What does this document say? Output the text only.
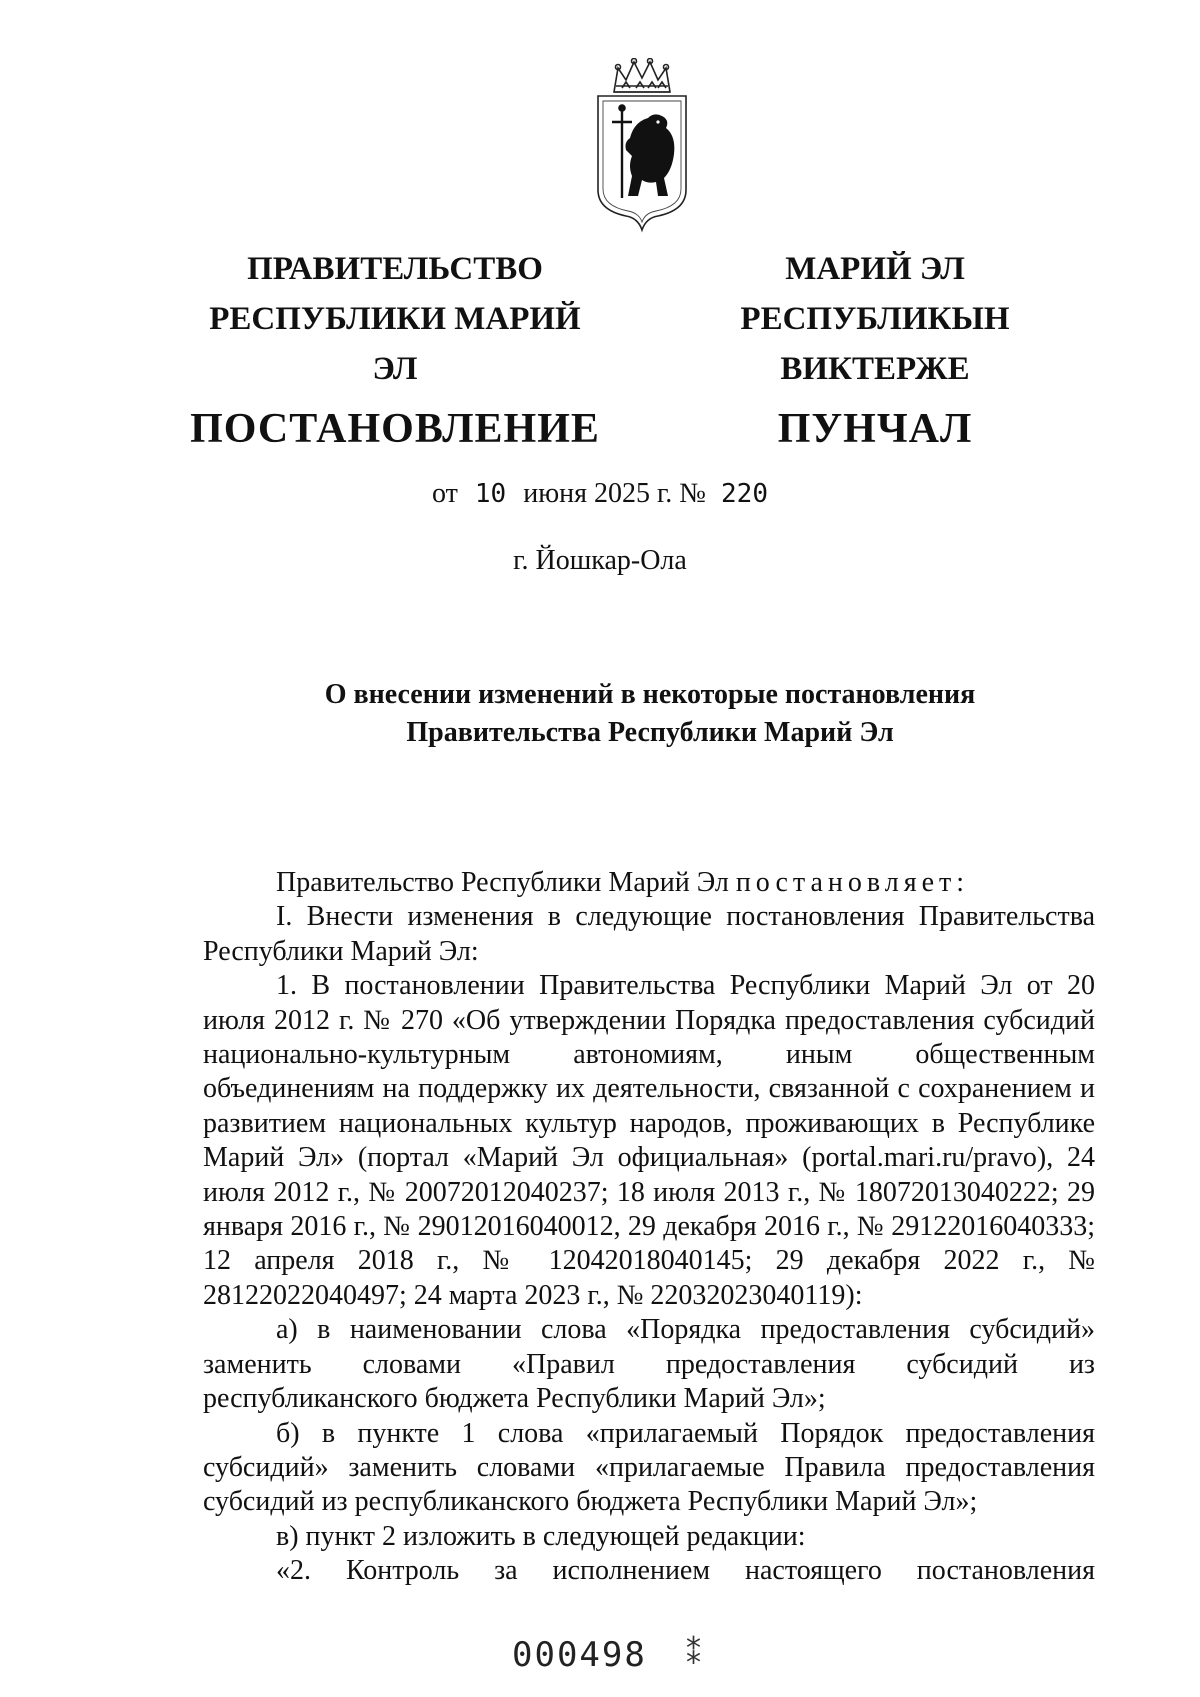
ПРАВИТЕЛЬСТВО
РЕСПУБЛИКИ МАРИЙ ЭЛ
ПОСТАНОВЛЕНИЕ
МАРИЙ ЭЛ РЕСПУБЛИКЫН
ВИКТЕРЖЕ
ПУНЧАЛ
от 10 июня 2025 г. № 220
г. Йошкар-Ола
О внесении изменений в некоторые постановления
Правительства Республики Марий Эл

Правительство Республики Марий Эл постановляет:

I. Внести изменения в следующие постановления Правительства Республики Марий Эл:

1. В постановлении Правительства Республики Марий Эл от 20 июля 2012 г. № 270 «Об утверждении Порядка предоставления субсидий национально-культурным автономиям, иным общественным объединениям на поддержку их деятельности, связанной с сохранением и развитием национальных культур народов, проживающих в Республике Марий Эл» (портал «Марий Эл официальная» (portal.mari.ru/pravo), 24 июля 2012 г., № 20072012040237; 18 июля 2013 г., № 18072013040222; 29 января 2016 г., № 29012016040012, 29 декабря 2016 г., № 29122016040333; 12 апреля 2018 г., № 12042018040145; 29 декабря 2022 г., № 28122022040497; 24 марта 2023 г., № 22032023040119):

а) в наименовании слова «Порядка предоставления субсидий» заменить словами «Правил предоставления субсидий из республиканского бюджета Республики Марий Эл»;

б) в пункте 1 слова «прилагаемый Порядок предоставления субсидий» заменить словами «прилагаемые Правила предоставления субсидий из республиканского бюджета Республики Марий Эл»;

в) пункт 2 изложить в следующей редакции:

«2. Контроль за исполнением настоящего постановления

000498 ⁑
